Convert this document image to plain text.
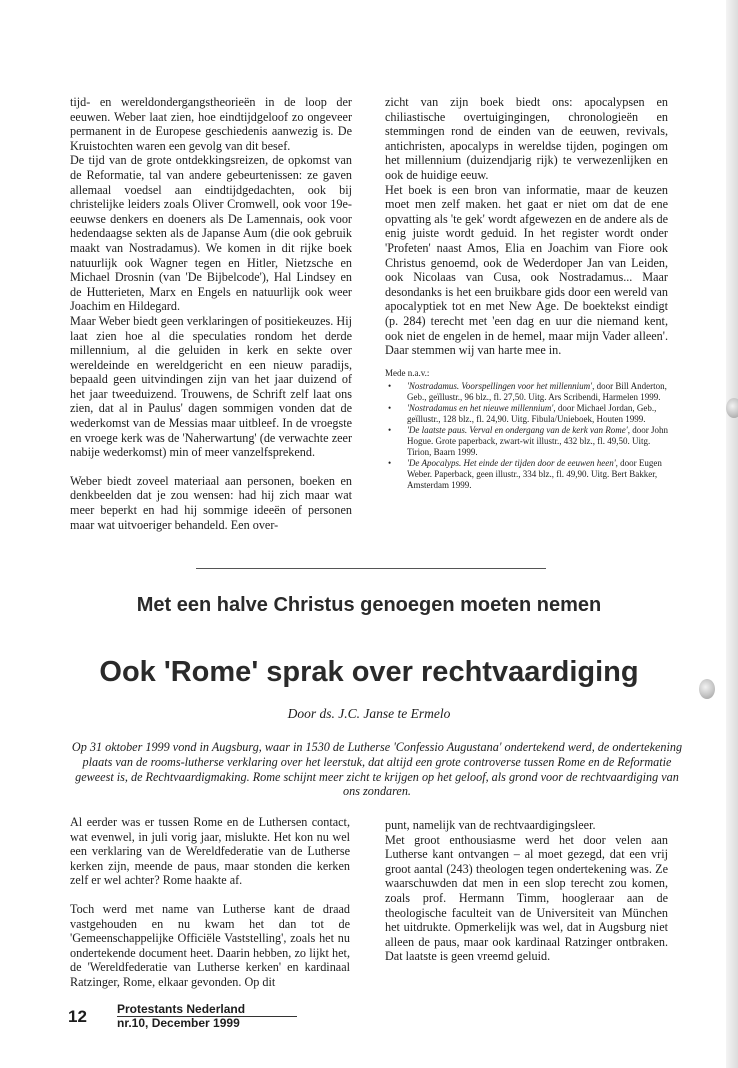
tijd- en wereldondergangstheorieën in de loop der eeuwen. Weber laat zien, hoe eindtijdgeloof zo ongeveer permanent in de Europese geschiedenis aanwezig is. De Kruistochten waren een gevolg van dit besef.

De tijd van de grote ontdekkingsreizen, de opkomst van de Reformatie, tal van andere gebeurtenissen: ze gaven allemaal voedsel aan eindtijdgedachten, ook bij christelijke leiders zoals Oliver Cromwell, ook voor 19e-eeuwse denkers en doeners als De Lamennais, ook voor hedendaagse sekten als de Japanse Aum (die ook gebruik maakt van Nostradamus). We komen in dit rijke boek natuurlijk ook Wagner tegen en Hitler, Nietzsche en Michael Drosnin (van 'De Bijbelcode'), Hal Lindsey en de Hutterieten, Marx en Engels en natuurlijk ook weer Joachim en Hildegard.

Maar Weber biedt geen verklaringen of positiekeuzes. Hij laat zien hoe al die speculaties rondom het derde millennium, al die geluiden in kerk en sekte over wereldeinde en wereldgericht en een nieuw paradijs, bepaald geen uitvindingen zijn van het jaar duizend of het jaar tweeduizend. Trouwens, de Schrift zelf laat ons zien, dat al in Paulus' dagen sommigen vonden dat de wederkomst van de Messias maar uitbleef. In de vroegste en vroege kerk was de 'Naherwartung' (de verwachte zeer nabije wederkomst) min of meer vanzelfsprekend.

Weber biedt zoveel materiaal aan personen, boeken en denkbeelden dat je zou wensen: had hij zich maar wat meer beperkt en had hij sommige ideeën of personen maar wat uitvoeriger behandeld. Een over-

zicht van zijn boek biedt ons: apocalypsen en chiliastische overtuigingingen, chronologieën en stemmingen rond de einden van de eeuwen, revivals, antichristen, apocalyps in wereldse tijden, pogingen om het millennium (duizendjarig rijk) te verwezenlijken en ook de huidige eeuw.

Het boek is een bron van informatie, maar de keuzen moet men zelf maken. het gaat er niet om dat de ene opvatting als 'te gek' wordt afgewezen en de andere als de enig juiste wordt geduid. In het register wordt onder 'Profeten' naast Amos, Elia en Joachim van Fiore ook Christus genoemd, ook de Wederdoper Jan van Leiden, ook Nicolaas van Cusa, ook Nostradamus... Maar desondanks is het een bruikbare gids door een wereld van apocalyptiek tot en met New Age. De boektekst eindigt (p. 284) terecht met 'een dag en uur die niemand kent, ook niet de engelen in de hemel, maar mijn Vader alleen'. Daar stemmen wij van harte mee in.

Mede n.a.v.:
• 'Nostradamus. Voorspellingen voor het millennium', door Bill Anderton, Geb., geïllustr., 96 blz., fl. 27,50. Uitg. Ars Scribendi, Harmelen 1999.
• 'Nostradamus en het nieuwe millennium', door Michael Jordan, Geb., geïllustr., 128 blz., fl. 24,90. Uitg. Fibula/Unieboek, Houten 1999.
• 'De laatste paus. Verval en ondergang van de kerk van Rome', door John Hogue. Grote paperback, zwart-wit illustr., 432 blz., fl. 49,50. Uitg. Tirion, Baarn 1999.
• 'De Apocalyps. Het einde der tijden door de eeuwen heen', door Eugen Weber. Paperback, geen illustr., 334 blz., fl. 49,90. Uitg. Bert Bakker, Amsterdam 1999.
Met een halve Christus genoegen moeten nemen
Ook 'Rome' sprak over rechtvaardiging
Door ds. J.C. Janse te Ermelo
Op 31 oktober 1999 vond in Augsburg, waar in 1530 de Lutherse 'Confessio Augustana' ondertekend werd, de ondertekening plaats van de rooms-lutherse verklaring over het leerstuk, dat altijd een grote controverse tussen Rome en de Reformatie geweest is, de Rechtvaardigmaking. Rome schijnt meer zicht te krijgen op het geloof, als grond voor de rechtvaardiging van ons zondaren.

Al eerder was er tussen Rome en de Luthersen contact, wat evenwel, in juli vorig jaar, mislukte. Het kon nu wel een verklaring van de Wereldfederatie van de Lutherse kerken zijn, meende de paus, maar stonden die kerken zelf er wel achter? Rome haakte af.

Toch werd met name van Lutherse kant de draad vastgehouden en nu kwam het dan tot de 'Gemeenschappelijke Officiële Vaststelling', zoals het nu ondertekende document heet. Daarin hebben, zo lijkt het, de 'Wereldfederatie van Lutherse kerken' en kardinaal Ratzinger, Rome, elkaar gevonden. Op dit

punt, namelijk van de rechtvaardigingsleer.

Met groot enthousiasme werd het door velen aan Lutherse kant ontvangen – al moet gezegd, dat een vrij groot aantal (243) theologen tegen ondertekening was. Ze waarschuwden dat men in een slop terecht zou komen, zoals prof. Hermann Timm, hoogleraar aan de theologische faculteit van de Universiteit van München het uitdrukte. Opmerkelijk was wel, dat in Augsburg niet alleen de paus, maar ook kardinaal Ratzinger ontbraken. Dat laatste is geen vreemd geluid.

12	Protestants Nederland
nr.10, December 1999
